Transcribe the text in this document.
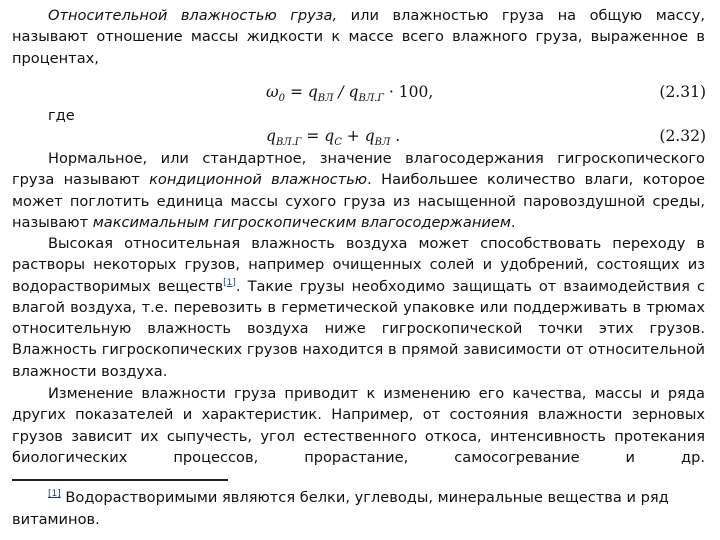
Относительной влажностью груза, или влажностью груза на общую массу, называют отношение массы жидкости к массе всего влажного груза, выраженное в процентах,

$\omega_0 = q_{ВЛ} / q_{ВЛ.Г} \cdot 100$,	(2.31)
где
$q_{ВЛ.Г} = q_С + q_{ВЛ}$ .	(2.32)

Нормальное, или стандартное, значение влагосодержания гигроскопического груза называют кондиционной влажностью. Наибольшее количество влаги, которое может поглотить единица массы сухого груза из насыщенной паровоздушной среды, называют максимальным гигроскопическим влагосодержанием.

Высокая относительная влажность воздуха может способствовать переходу в растворы некоторых грузов, например очищенных солей и удобрений, состоящих из водорастворимых веществ[1]. Такие грузы необходимо защищать от взаимодействия с влагой воздуха, т.е. перевозить в герметической упаковке или поддерживать в трюмах относительную влажность воздуха ниже гигроскопической точки этих грузов. Влажность гигроскопических грузов находится в прямой зависимости от относительной влажности воздуха.

Изменение влажности груза приводит к изменению его качества, массы и ряда других показателей и характеристик. Например, от состояния влажности зерновых грузов зависит их сыпучесть, угол естественного откоса, интенсивность протекания биологических процессов, прорастание, самосогревание и др.

[1] Водорастворимыми являются белки, углеводы, минеральные вещества и ряд витаминов.
